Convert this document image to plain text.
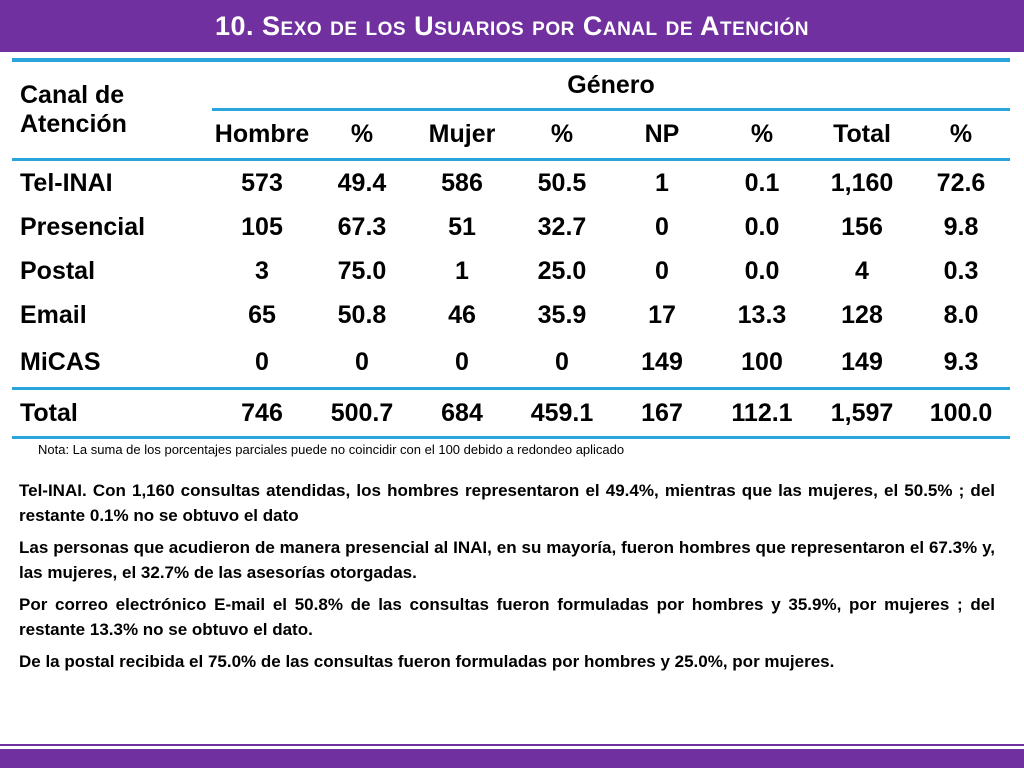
10. Sexo de los Usuarios por Canal de Atención
Canal de Atención	Género							
	Hombre	%	Mujer	%	NP	%	Total	%
Tel-INAI	573	49.4	586	50.5	1	0.1	1,160	72.6
Presencial	105	67.3	51	32.7	0	0.0	156	9.8
Postal	3	75.0	1	25.0	0	0.0	4	0.3
Email	65	50.8	46	35.9	17	13.3	128	8.0
MiCAS	0	0	0	0	149	100	149	9.3
Total	746	500.7	684	459.1	167	112.1	1,597	100.0
Nota: La suma de los porcentajes parciales puede no coincidir con el 100 debido a redondeo aplicado

Tel-INAI. Con 1,160 consultas atendidas, los hombres representaron el 49.4%, mientras que las mujeres, el 50.5% ; del restante 0.1% no se obtuvo el dato

Las personas que acudieron de manera presencial al INAI, en su mayoría, fueron hombres que representaron el 67.3% y, las mujeres, el 32.7% de las asesorías otorgadas.

Por correo electrónico E-mail el 50.8% de las consultas fueron formuladas por hombres y 35.9%, por mujeres ; del restante 13.3% no se obtuvo el dato.

De la postal recibida el 75.0% de las consultas fueron formuladas por hombres y 25.0%, por mujeres.
